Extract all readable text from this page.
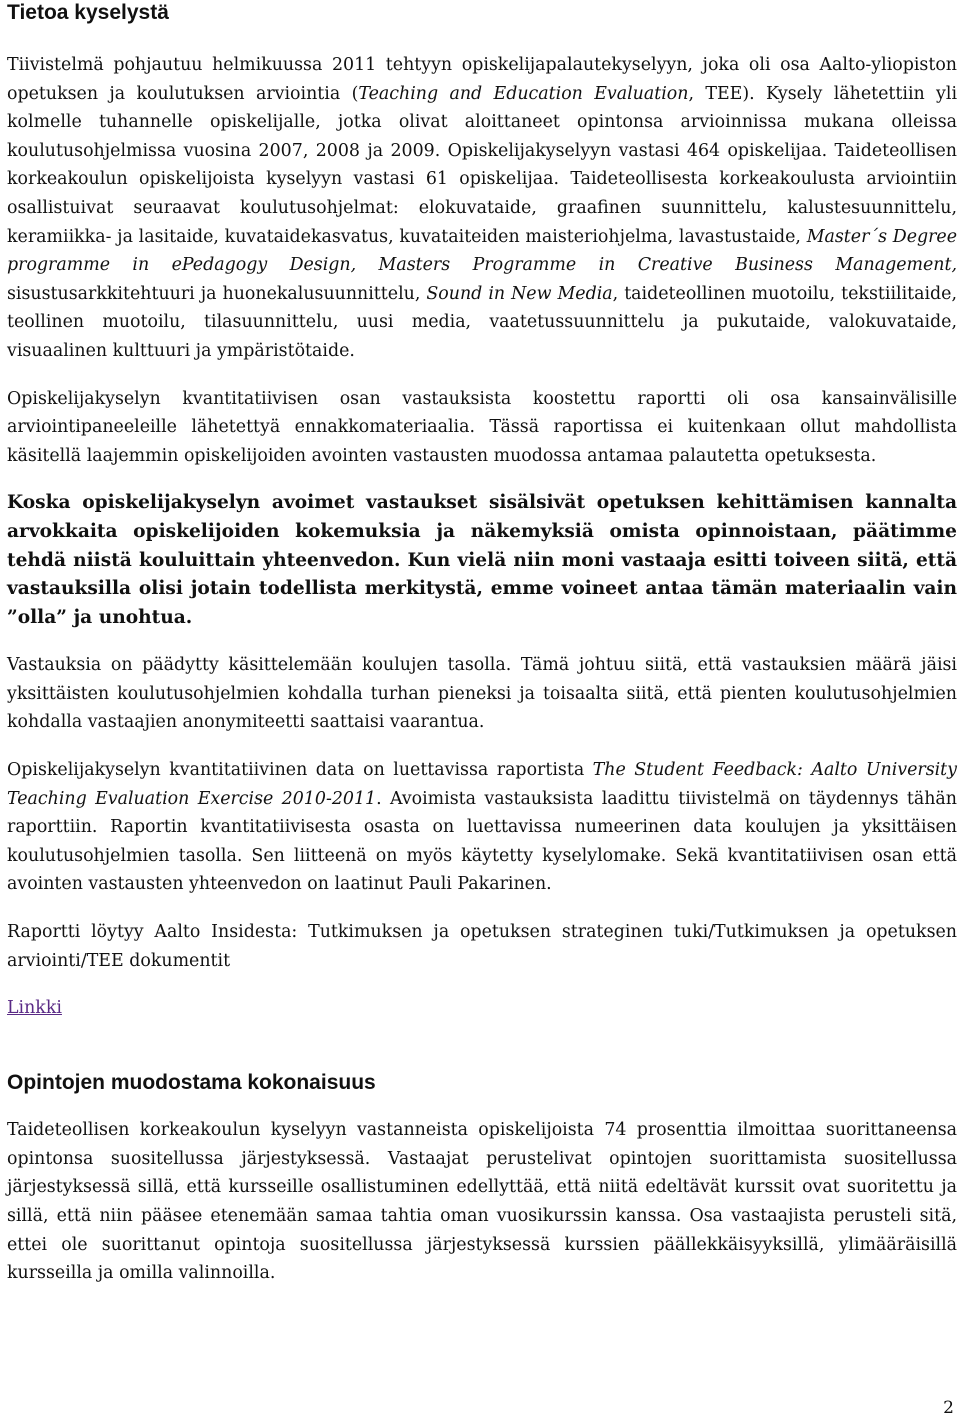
Tietoa kyselystä

Tiivistelmä pohjautuu helmikuussa 2011 tehtyyn opiskelijapalautekyselyyn, joka oli osa Aalto-yliopiston opetuksen ja koulutuksen arviointia (Teaching and Education Evaluation, TEE). Kysely lähetettiin yli kolmelle tuhannelle opiskelijalle, jotka olivat aloittaneet opintonsa arvioinnissa mukana olleissa koulutusohjelmissa vuosina 2007, 2008 ja 2009. Opiskelijakyselyyn vastasi 464 opiskelijaa. Taideteollisen korkeakoulun opiskelijoista kyselyyn vastasi 61 opiskelijaa. Taideteollisesta korkeakoulusta arviointiin osallistuivat seuraavat koulutusohjelmat: elokuvataide, graafinen suunnittelu, kalustesuunnittelu, keramiikka- ja lasitaide, kuvataidekasvatus, kuvataiteiden maisteriohjelma, lavastustaide, Master´s Degree programme in ePedagogy Design, Masters Programme in Creative Business Management, sisustusarkkitehtuuri ja huonekalusuunnittelu, Sound in New Media, taideteollinen muotoilu, tekstiilitaide, teollinen muotoilu, tilasuunnittelu, uusi media, vaatetussuunnittelu ja pukutaide, valokuvataide, visuaalinen kulttuuri ja ympäristötaide.

Opiskelijakyselyn kvantitatiivisen osan vastauksista koostettu raportti oli osa kansainvälisille arviointipaneeleille lähetettyä ennakkomateriaalia. Tässä raportissa ei kuitenkaan ollut mahdollista käsitellä laajemmin opiskelijoiden avointen vastausten muodossa antamaa palautetta opetuksesta.

Koska opiskelijakyselyn avoimet vastaukset sisälsivät opetuksen kehittämisen kannalta arvokkaita opiskelijoiden kokemuksia ja näkemyksiä omista opinnoistaan, päätimme tehdä niistä kouluittain yhteenvedon. Kun vielä niin moni vastaaja esitti toiveen siitä, että vastauksilla olisi jotain todellista merkitystä, emme voineet antaa tämän materiaalin vain ”olla” ja unohtua.

Vastauksia on päädytty käsittelemään koulujen tasolla. Tämä johtuu siitä, että vastauksien määrä jäisi yksittäisten koulutusohjelmien kohdalla turhan pieneksi ja toisaalta siitä, että pienten koulutusohjelmien kohdalla vastaajien anonymiteetti saattaisi vaarantua.

Opiskelijakyselyn kvantitatiivinen data on luettavissa raportista The Student Feedback: Aalto University Teaching Evaluation Exercise 2010-2011. Avoimista vastauksista laadittu tiivistelmä on täydennys tähän raporttiin. Raportin kvantitatiivisesta osasta on luettavissa numeerinen data koulujen ja yksittäisen koulutusohjelmien tasolla. Sen liitteenä on myös käytetty kyselylomake. Sekä kvantitatiivisen osan että avointen vastausten yhteenvedon on laatinut Pauli Pakarinen.

Raportti löytyy Aalto Insidesta: Tutkimuksen ja opetuksen strateginen tuki/Tutkimuksen ja opetuksen arviointi/TEE dokumentit

Linkki
Opintojen muodostama kokonaisuus

Taideteollisen korkeakoulun kyselyyn vastanneista opiskelijoista 74 prosenttia ilmoittaa suorittaneensa opintonsa suositellussa järjestyksessä. Vastaajat perustelivat opintojen suorittamista suositellussa järjestyksessä sillä, että kursseille osallistuminen edellyttää, että niitä edeltävät kurssit ovat suoritettu ja sillä, että niin pääsee etenemään samaa tahtia oman vuosikurssin kanssa. Osa vastaajista perusteli sitä, ettei ole suorittanut opintoja suositellussa järjestyksessä kurssien päällekkäisyyksillä, ylimääräisillä kursseilla ja omilla valinnoilla.

2
